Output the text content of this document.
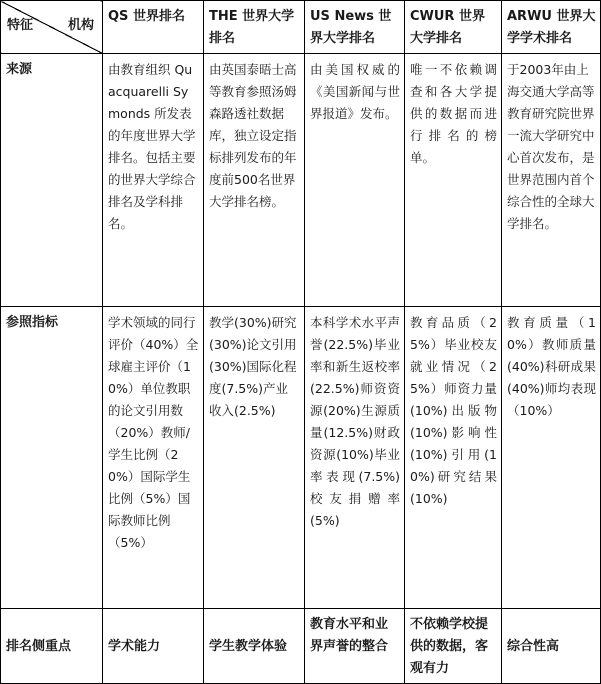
特征 机构	QS 世界排名	THE 世界大学排名	US News 世界大学排名	CWUR 世界大学排名	ARWU 世界大学学术排名
来源	由教育组织 Quacquarelli Symonds 所发表的年度世界大学排名。包括主要的世界大学综合排名及学科排名。	由英国泰晤士高等教育参照汤姆森路透社数据库，独立设定指标排列发布的年度前500名世界大学排名榜。	由美国权威的《美国新闻与世界报道》发布。	唯一不依赖调查和各大学提供的数据而进行排名的榜单。	于2003年由上海交通大学高等教育研究院世界一流大学研究中心首次发布，是世界范围内首个综合性的全球大学排名。
参照指标	学术领域的同行评价（40%）全球雇主评价（10%）单位教职的论文引用数（20%）教师/学生比例（20%）国际学生比例（5%）国际教师比例（5%）	教学(30%)研究(30%)论文引用(30%)国际化程度(7.5%)产业收入(2.5%)	本科学术水平声誉(22.5%)毕业率和新生返校率(22.5%)师资资源(20%)生源质量(12.5%)财政资源(10%)毕业率表现(7.5%)校友捐赠率(5%)	教育品质（25%）毕业校友就业情况（25%）师资力量(10%)出版物(10%)影响性(10%)引用(10%)研究结果(10%)	教育质量（10%）教师质量(40%)科研成果(40%)师均表现（10%）
排名侧重点	学术能力	学生教学体验	教育水平和业界声誉的整合	不依赖学校提供的数据，客观有力	综合性高
